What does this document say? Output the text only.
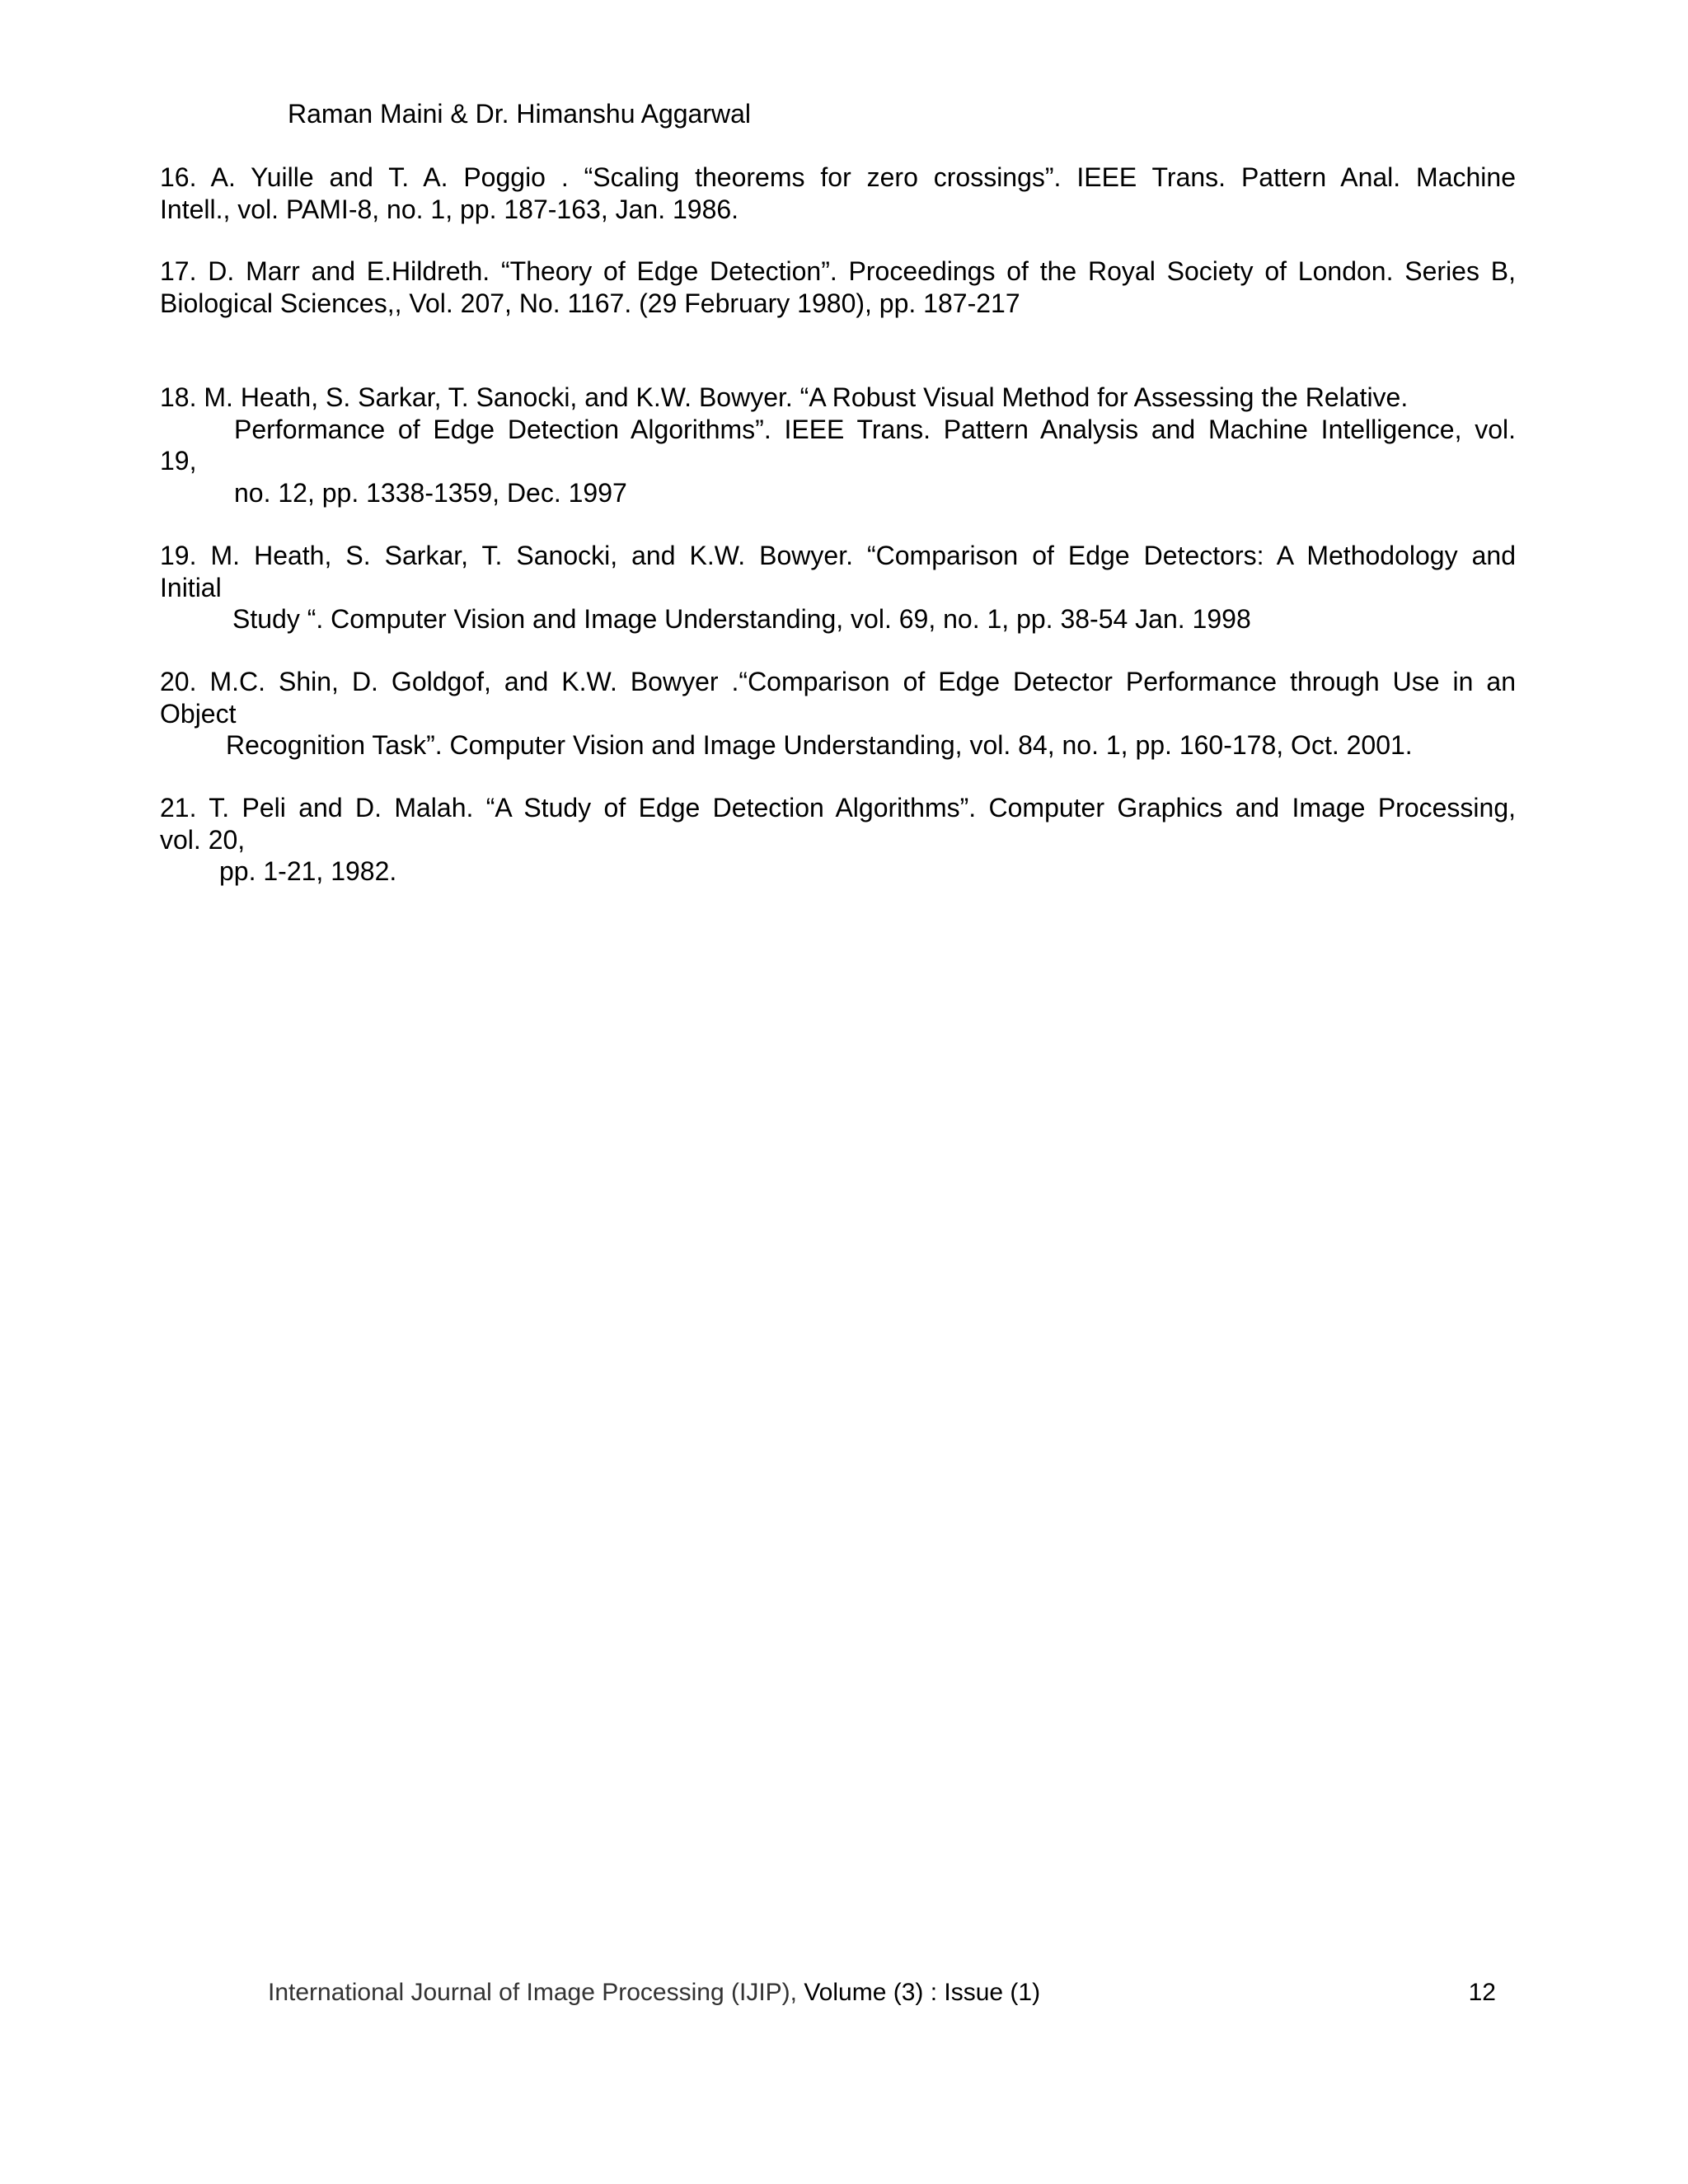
Raman Maini & Dr. Himanshu Aggarwal
16. A. Yuille and T. A. Poggio . “Scaling theorems for zero crossings”. IEEE Trans. Pattern Anal. Machine
Intell., vol. PAMI-8, no. 1, pp. 187-163, Jan. 1986.
17. D. Marr and E.Hildreth. “Theory of Edge Detection”. Proceedings of the Royal Society of London. Series B,
Biological Sciences,, Vol. 207, No. 1167. (29 February 1980), pp. 187-217
18. M. Heath, S. Sarkar, T. Sanocki, and K.W. Bowyer. “A Robust Visual Method for Assessing the Relative.
Performance of Edge Detection Algorithms”. IEEE Trans. Pattern Analysis and Machine Intelligence, vol.
19,
no. 12, pp. 1338-1359, Dec. 1997
19. M. Heath, S. Sarkar, T. Sanocki, and K.W. Bowyer. “Comparison of Edge Detectors: A Methodology and
Initial
Study “. Computer Vision and Image Understanding, vol. 69, no. 1, pp. 38-54 Jan. 1998
20. M.C. Shin, D. Goldgof, and K.W. Bowyer .“Comparison of Edge Detector Performance through Use in an
Object
Recognition Task”. Computer Vision and Image Understanding, vol. 84, no. 1, pp. 160-178, Oct. 2001.
21. T. Peli and D. Malah. “A Study of Edge Detection Algorithms”. Computer Graphics and Image Processing,
vol. 20,
pp. 1-21, 1982.
International Journal of Image Processing (IJIP), Volume (3) : Issue (1)	12
